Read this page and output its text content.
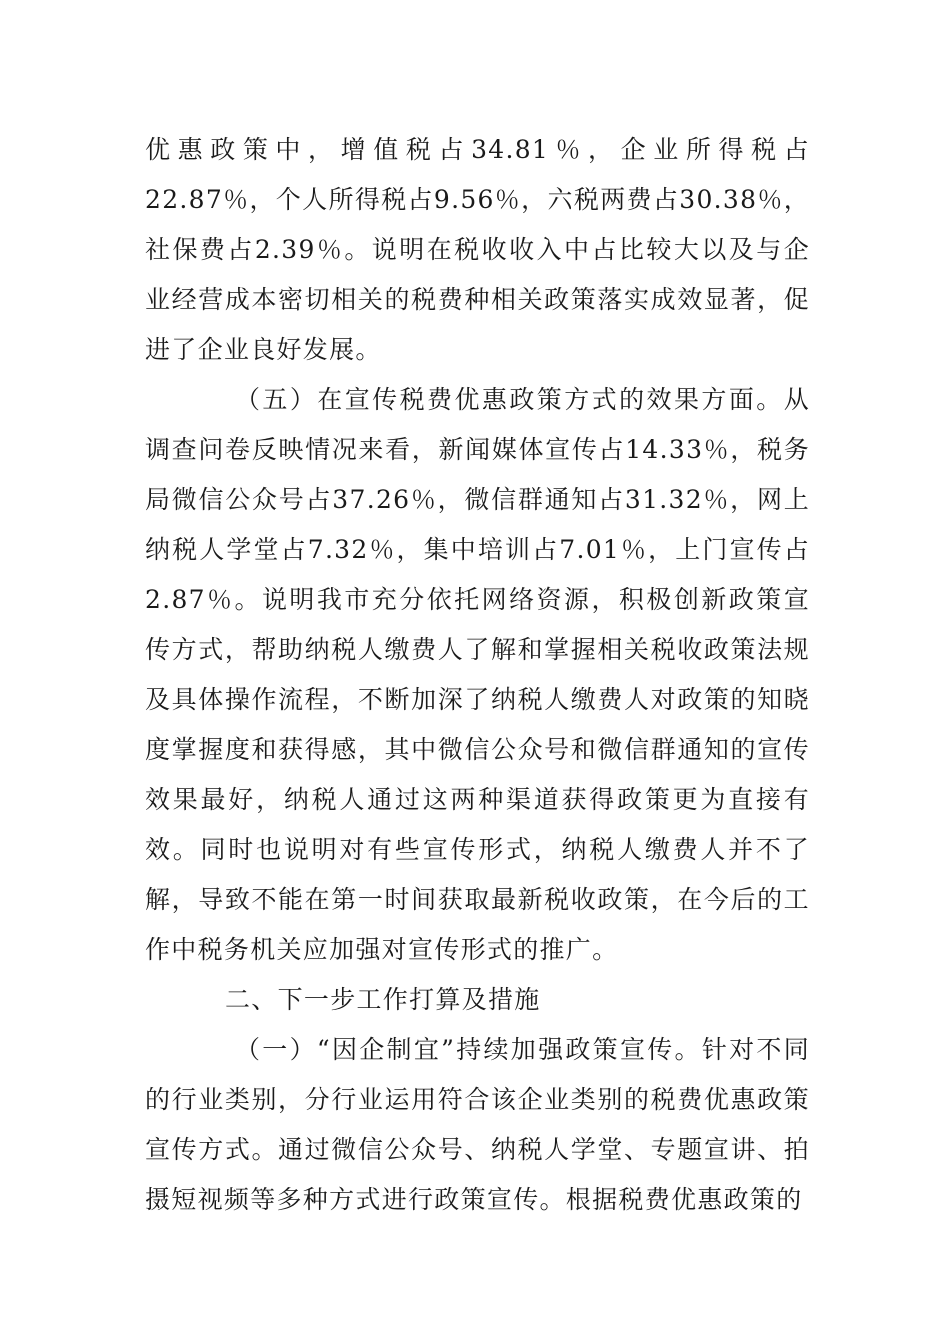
优惠政策中，增值税占34.81％，企业所得税占22.87％，个人所得税占9.56％，六税两费占30.38％，社保费占2.39％。说明在税收收入中占比较大以及与企业经营成本密切相关的税费种相关政策落实成效显著，促进了企业良好发展。

（五）在宣传税费优惠政策方式的效果方面。从调查问卷反映情况来看，新闻媒体宣传占14.33％，税务局微信公众号占37.26％，微信群通知占31.32％，网上纳税人学堂占7.32％，集中培训占7.01％，上门宣传占2.87％。说明我市充分依托网络资源，积极创新政策宣传方式，帮助纳税人缴费人了解和掌握相关税收政策法规及具体操作流程，不断加深了纳税人缴费人对政策的知晓度掌握度和获得感，其中微信公众号和微信群通知的宣传效果最好，纳税人通过这两种渠道获得政策更为直接有效。同时也说明对有些宣传形式，纳税人缴费人并不了解，导致不能在第一时间获取最新税收政策，在今后的工作中税务机关应加强对宣传形式的推广。

二、下一步工作打算及措施

（一）“因企制宜”持续加强政策宣传。针对不同的行业类别，分行业运用符合该企业类别的税费优惠政策宣传方式。通过微信公众号、纳税人学堂、专题宣讲、拍摄短视频等多种方式进行政策宣传。根据税费优惠政策的
